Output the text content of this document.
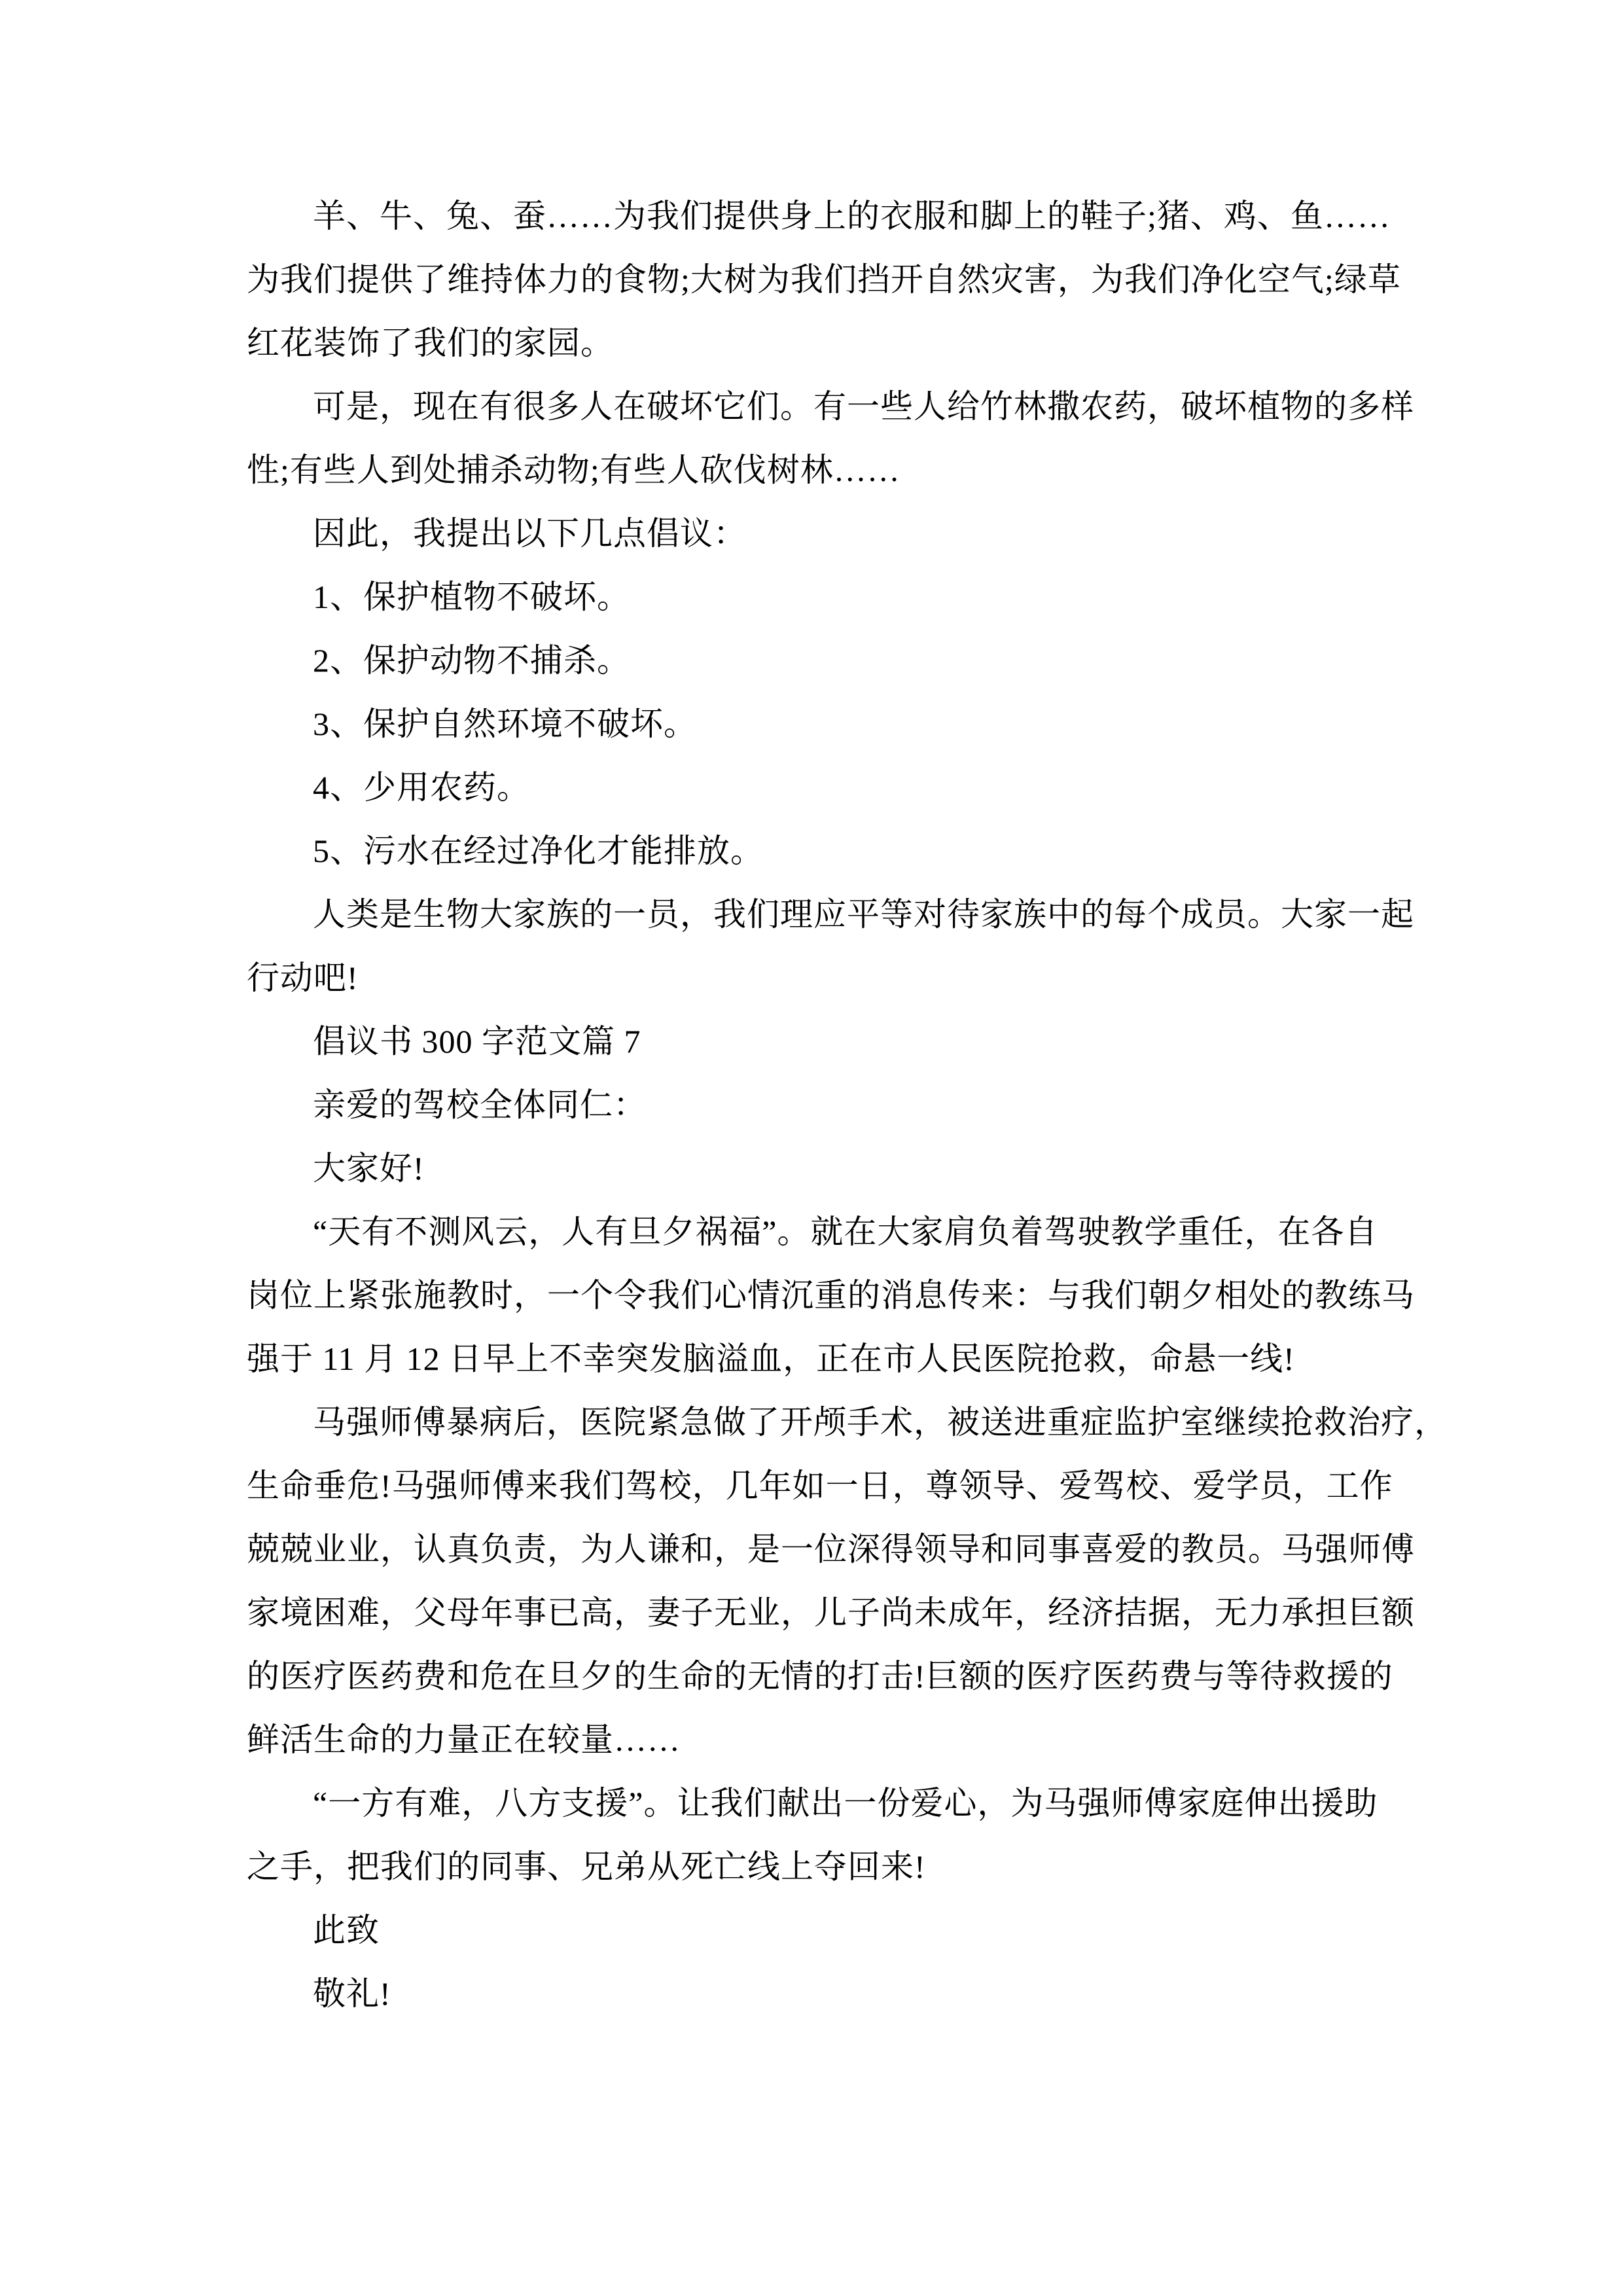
羊、牛、兔、蚕……为我们提供身上的衣服和脚上的鞋子;猪、鸡、鱼……
为我们提供了维持体力的食物;大树为我们挡开自然灾害，为我们净化空气;绿草
红花装饰了我们的家园。
可是，现在有很多人在破坏它们。有一些人给竹林撒农药，破坏植物的多样
性;有些人到处捕杀动物;有些人砍伐树林……
因此，我提出以下几点倡议：
1、保护植物不破坏。
2、保护动物不捕杀。
3、保护自然环境不破坏。
4、少用农药。
5、污水在经过净化才能排放。
人类是生物大家族的一员，我们理应平等对待家族中的每个成员。大家一起
行动吧!
倡议书 300 字范文篇 7
亲爱的驾校全体同仁：
大家好!
“天有不测风云，人有旦夕祸福”。就在大家肩负着驾驶教学重任，在各自
岗位上紧张施教时，一个令我们心情沉重的消息传来：与我们朝夕相处的教练马
强于 11 月 12 日早上不幸突发脑溢血，正在市人民医院抢救，命悬一线!
马强师傅暴病后，医院紧急做了开颅手术，被送进重症监护室继续抢救治疗，
生命垂危!马强师傅来我们驾校，几年如一日，尊领导、爱驾校、爱学员，工作
兢兢业业，认真负责，为人谦和，是一位深得领导和同事喜爱的教员。马强师傅
家境困难，父母年事已高，妻子无业，儿子尚未成年，经济拮据，无力承担巨额
的医疗医药费和危在旦夕的生命的无情的打击!巨额的医疗医药费与等待救援的
鲜活生命的力量正在较量……
“一方有难，八方支援”。让我们献出一份爱心，为马强师傅家庭伸出援助
之手，把我们的同事、兄弟从死亡线上夺回来!
此致
敬礼!
